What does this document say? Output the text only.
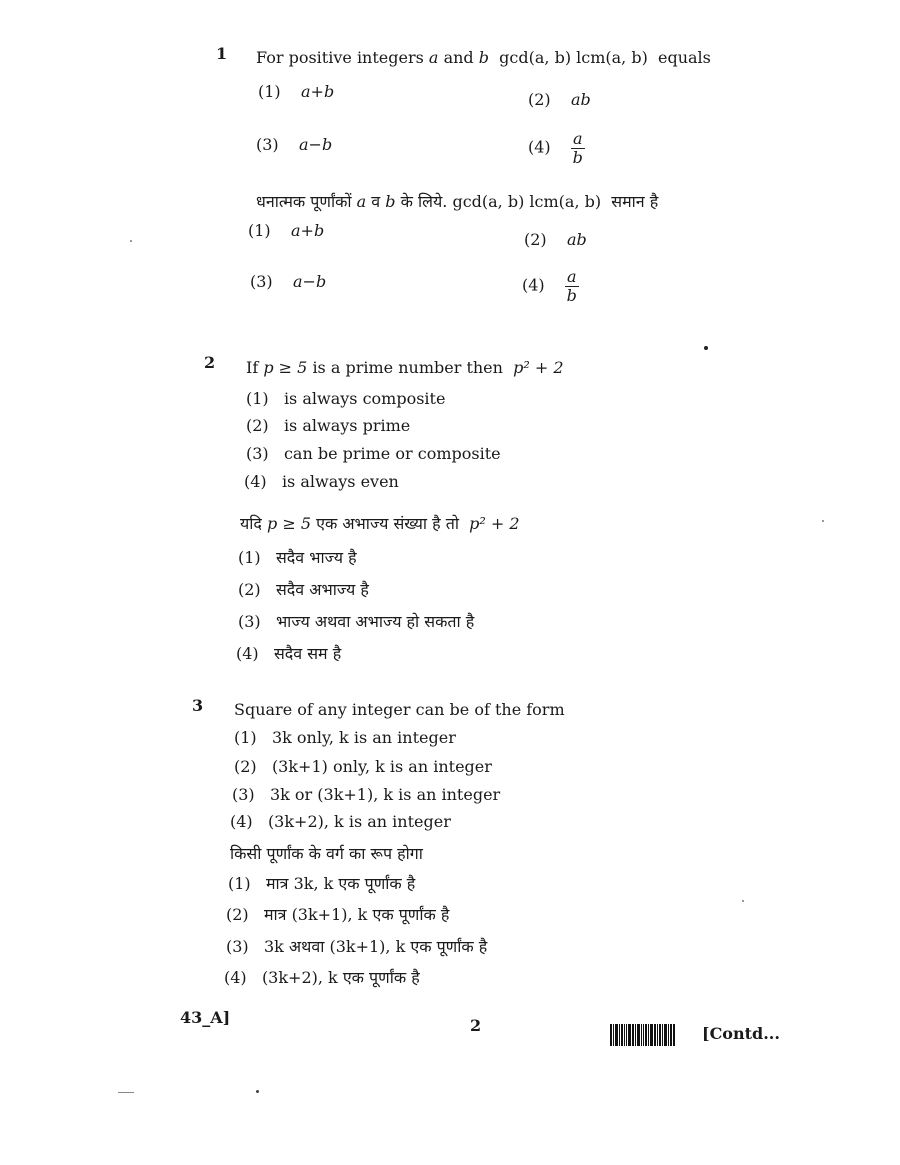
1 For positive integers a and b gcd(a, b) lcm(a, b) equals
(1) a+b	(2) ab
(3) a−b	$(4) \frac{a}{b}$
धनात्मक पूर्णांकों a व b के लिये. gcd(a, b) lcm(a, b) समान है
(1) a+b	(2) ab
(3) a−b	$(4) \frac{a}{b}$
2 If p ≥ 5 is a prime number then p² + 2
(1) is always composite
(2) is always prime
(3) can be prime or composite
(4) is always even
यदि p ≥ 5 एक अभाज्य संख्या है तो p² + 2
(1) सदैव भाज्य है
(2) सदैव अभाज्य है
(3) भाज्य अथवा अभाज्य हो सकता है
(4) सदैव सम है
3 Square of any integer can be of the form
(1) 3k only, k is an integer
(2) (3k+1) only, k is an integer
(3) 3k or (3k+1), k is an integer
(4) (3k+2), k is an integer
किसी पूर्णांक के वर्ग का रूप होगा
(1) मात्र 3k, k एक पूर्णांक है
(2) मात्र (3k+1), k एक पूर्णांक है
(3) 3k अथवा (3k+1), k एक पूर्णांक है
(4) (3k+2), k एक पूर्णांक है
43_A]	2	[Contd...
